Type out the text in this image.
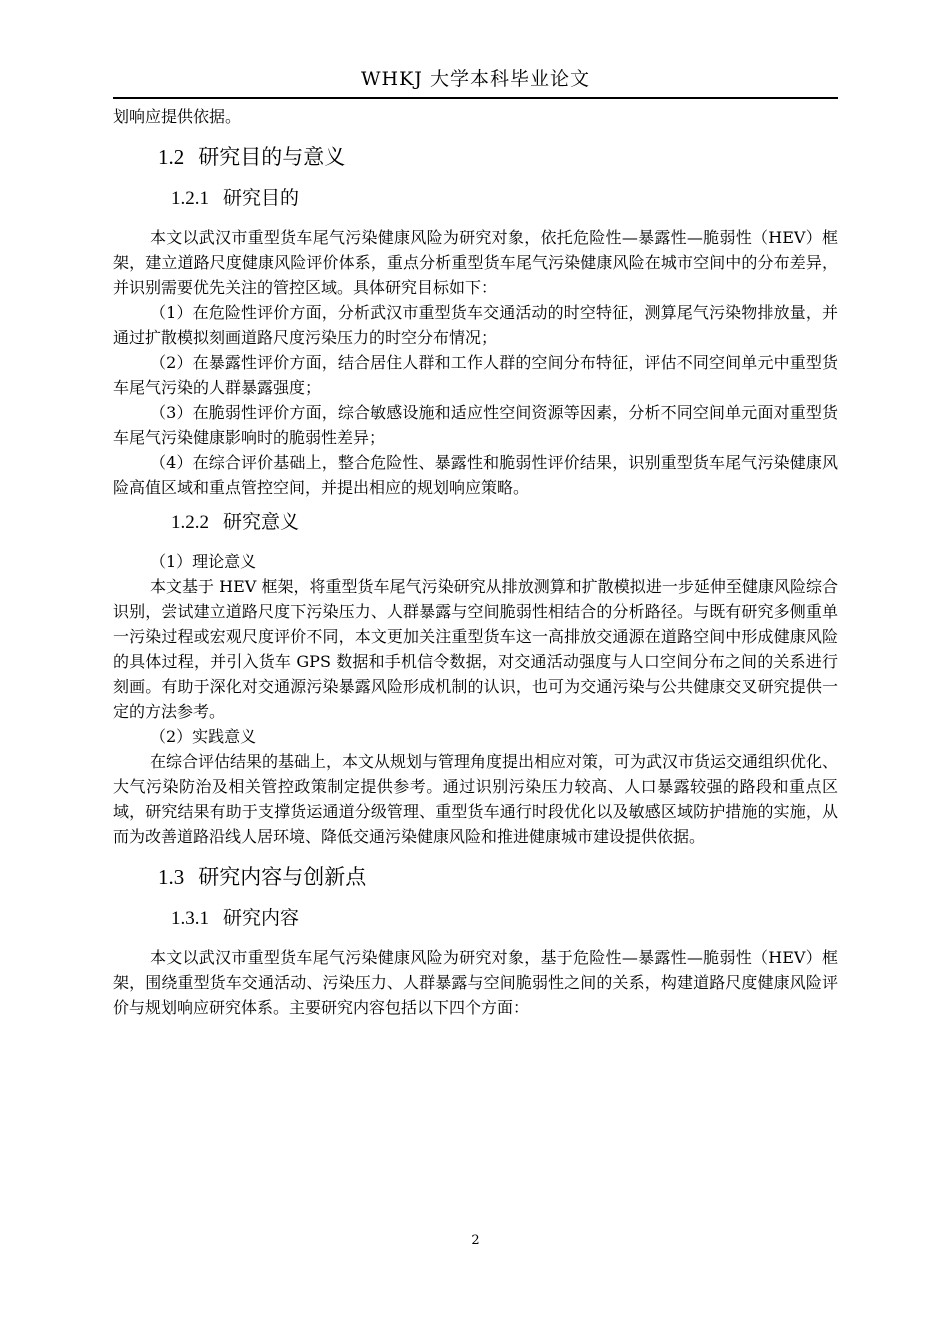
WHKJ 大学本科毕业论文

划响应提供依据。

1.2 研究目的与意义
1.2.1 研究目的

本文以武汉市重型货车尾气污染健康风险为研究对象，依托危险性—暴露性—脆弱性（HEV）框架，建立道路尺度健康风险评价体系，重点分析重型货车尾气污染健康风险在城市空间中的分布差异，并识别需要优先关注的管控区域。具体研究目标如下：

（1）在危险性评价方面，分析武汉市重型货车交通活动的时空特征，测算尾气污染物排放量，并通过扩散模拟刻画道路尺度污染压力的时空分布情况；

（2）在暴露性评价方面，结合居住人群和工作人群的空间分布特征，评估不同空间单元中重型货车尾气污染的人群暴露强度；

（3）在脆弱性评价方面，综合敏感设施和适应性空间资源等因素，分析不同空间单元面对重型货车尾气污染健康影响时的脆弱性差异；

（4）在综合评价基础上，整合危险性、暴露性和脆弱性评价结果，识别重型货车尾气污染健康风险高值区域和重点管控空间，并提出相应的规划响应策略。

1.2.2 研究意义

（1）理论意义

本文基于 HEV 框架，将重型货车尾气污染研究从排放测算和扩散模拟进一步延伸至健康风险综合识别，尝试建立道路尺度下污染压力、人群暴露与空间脆弱性相结合的分析路径。与既有研究多侧重单一污染过程或宏观尺度评价不同，本文更加关注重型货车这一高排放交通源在道路空间中形成健康风险的具体过程，并引入货车 GPS 数据和手机信令数据，对交通活动强度与人口空间分布之间的关系进行刻画。有助于深化对交通源污染暴露风险形成机制的认识，也可为交通污染与公共健康交叉研究提供一定的方法参考。

（2）实践意义

在综合评估结果的基础上，本文从规划与管理角度提出相应对策，可为武汉市货运交通组织优化、大气污染防治及相关管控政策制定提供参考。通过识别污染压力较高、人口暴露较强的路段和重点区域，研究结果有助于支撑货运通道分级管理、重型货车通行时段优化以及敏感区域防护措施的实施，从而为改善道路沿线人居环境、降低交通污染健康风险和推进健康城市建设提供依据。

1.3 研究内容与创新点
1.3.1 研究内容

本文以武汉市重型货车尾气污染健康风险为研究对象，基于危险性—暴露性—脆弱性（HEV）框架，围绕重型货车交通活动、污染压力、人群暴露与空间脆弱性之间的关系，构建道路尺度健康风险评价与规划响应研究体系。主要研究内容包括以下四个方面：

2
